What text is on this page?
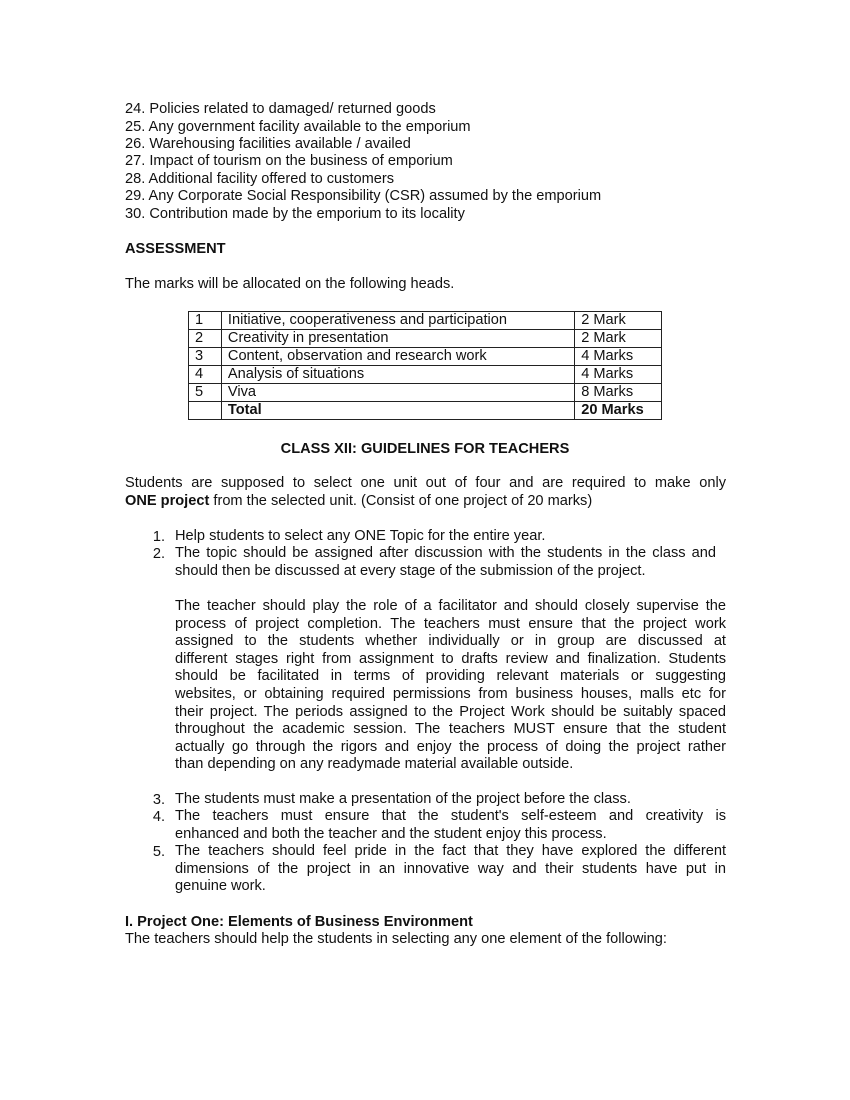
24. Policies related to damaged/ returned goods
25. Any government facility available to the emporium
26. Warehousing facilities available / availed
27. Impact of tourism on the business of emporium
28. Additional facility offered to customers
29. Any Corporate Social Responsibility (CSR) assumed by the emporium
30. Contribution made by the emporium to its locality
ASSESSMENT
The marks will be allocated on the following heads.
1	Initiative, cooperativeness and participation	2 Mark
2	Creativity in presentation	2 Mark
3	Content, observation and research work	4 Marks
4	Analysis of situations	4 Marks
5	Viva	8 Marks
	Total	20 Marks
CLASS XII: GUIDELINES FOR TEACHERS
Students are supposed to select one unit out of four and are required to make only
ONE project from the selected unit. (Consist of one project of 20 marks)
1. Help students to select any ONE Topic for the entire year.
2. The topic should be assigned after discussion with the students in the class and
should then be discussed at every stage of the submission of the project.
The teacher should play the role of a facilitator and should closely supervise the
process of project completion. The teachers must ensure that the project work
assigned to the students whether individually or in group are discussed at
different stages right from assignment to drafts review and finalization. Students
should be facilitated in terms of providing relevant materials or suggesting
websites, or obtaining required permissions from business houses, malls etc for
their project. The periods assigned to the Project Work should be suitably spaced
throughout the academic session. The teachers MUST ensure that the student
actually go through the rigors and enjoy the process of doing the project rather
than depending on any readymade material available outside.
3. The students must make a presentation of the project before the class.
4. The teachers must ensure that the student's self-esteem and creativity is
enhanced and both the teacher and the student enjoy this process.
5. The teachers should feel pride in the fact that they have explored the different
dimensions of the project in an innovative way and their students have put in
genuine work.
I. Project One: Elements of Business Environment
The teachers should help the students in selecting any one element of the following:
